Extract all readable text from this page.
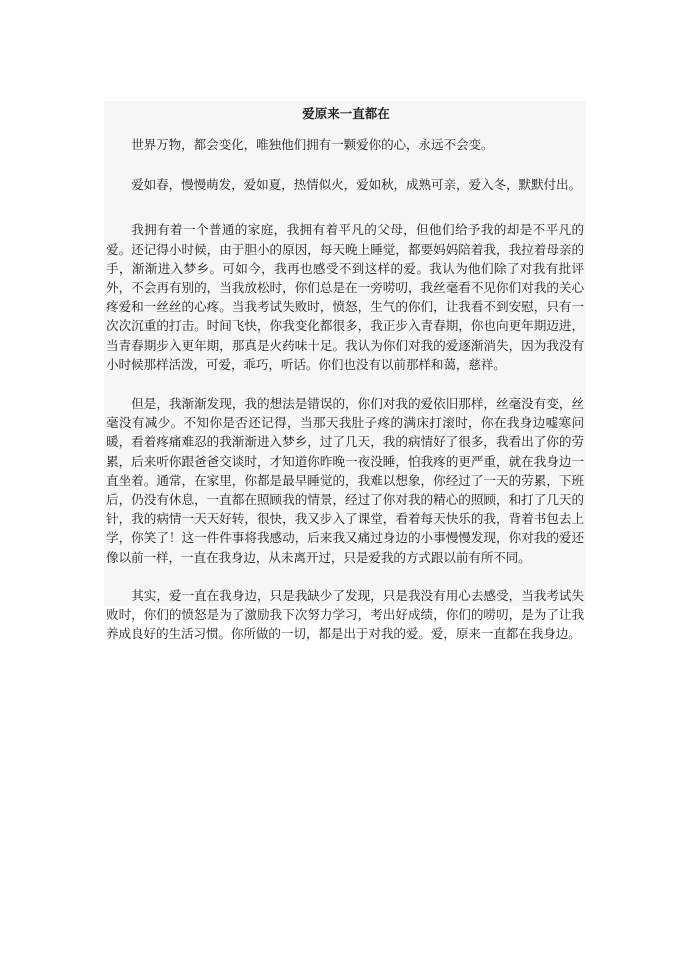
爱原来一直都在

世界万物，都会变化，唯独他们拥有一颗爱你的心，永远不会变。

爱如春，慢慢萌发，爱如夏，热情似火，爱如秋，成熟可亲，爱入冬，默默付出。

我拥有着一个普通的家庭，我拥有着平凡的父母，但他们给予我的却是不平凡的爱。还记得小时候，由于胆小的原因，每天晚上睡觉，都要妈妈陪着我，我拉着母亲的手，渐渐进入梦乡。可如今，我再也感受不到这样的爱。我认为他们除了对我有批评外，不会再有别的，当我放松时，你们总是在一旁唠叨，我丝毫看不见你们对我的关心疼爱和一丝丝的心疼。当我考试失败时，愤怒，生气的你们，让我看不到安慰，只有一次次沉重的打击。时间飞快，你我变化都很多，我正步入青春期，你也向更年期迈进，当青春期步入更年期，那真是火药味十足。我认为你们对我的爱逐渐消失，因为我没有小时候那样活泼，可爱，乖巧，听话。你们也没有以前那样和蔼，慈祥。

但是，我渐渐发现，我的想法是错误的，你们对我的爱依旧那样，丝毫没有变，丝毫没有减少。不知你是否还记得，当那天我肚子疼的满床打滚时，你在我身边嘘寒问暖，看着疼痛难忍的我渐渐进入梦乡，过了几天，我的病情好了很多，我看出了你的劳累，后来听你跟爸爸交谈时，才知道你昨晚一夜没睡，怕我疼的更严重，就在我身边一直坐着。通常，在家里，你都是最早睡觉的，我难以想象，你经过了一天的劳累，下班后，仍没有休息，一直都在照顾我的情景，经过了你对我的精心的照顾，和打了几天的针，我的病情一天天好转，很快，我又步入了课堂，看着每天快乐的我，背着书包去上学，你笑了！这一件件事将我感动，后来我又痛过身边的小事慢慢发现，你对我的爱还像以前一样，一直在我身边，从未离开过，只是爱我的方式跟以前有所不同。

其实，爱一直在我身边，只是我缺少了发现，只是我没有用心去感受，当我考试失败时，你们的愤怒是为了激励我下次努力学习，考出好成绩，你们的唠叨，是为了让我养成良好的生活习惯。你所做的一切，都是出于对我的爱。爱，原来一直都在我身边。
